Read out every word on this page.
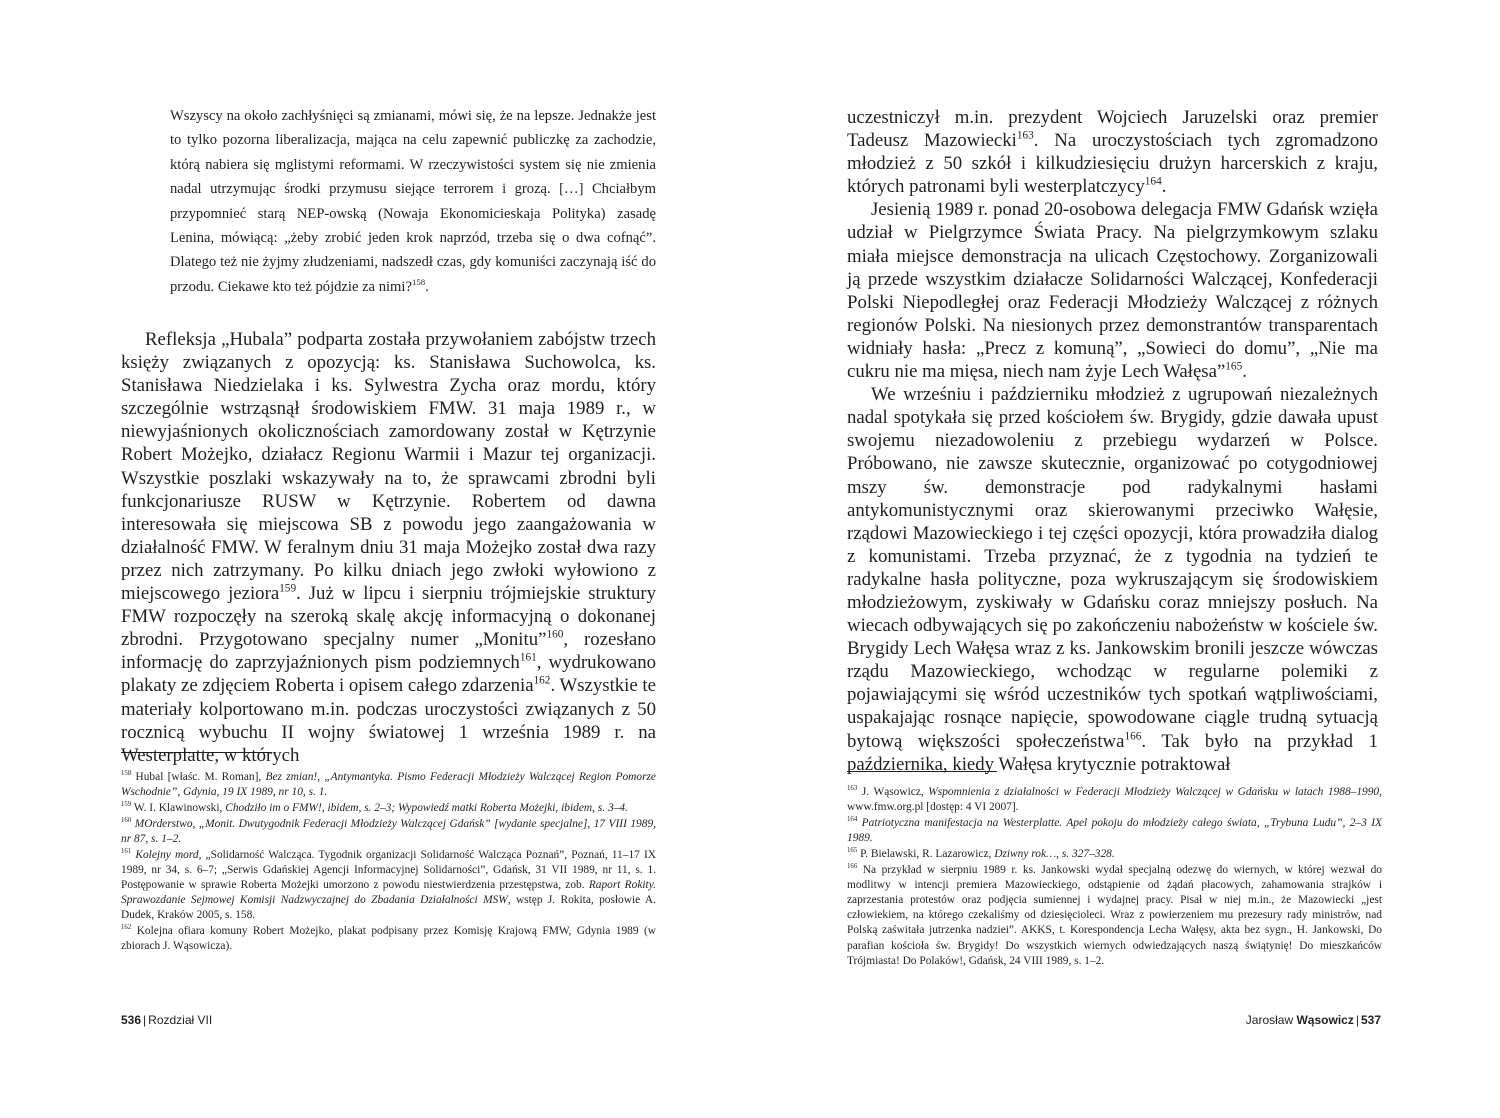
Wszyscy na około zachłyśnięci są zmianami, mówi się, że na lepsze. Jednakże jest to tylko pozorna liberalizacja, mająca na celu zapewnić publiczkę za zachodzie, którą nabiera się mglistymi reformami. W rzeczywistości system się nie zmienia nadal utrzymując środki przymusu siejące terrorem i grozą. […] Chciałbym przypomnieć starą NEP-owską (Nowaja Ekonomicieskaja Polityka) zasadę Lenina, mówiącą: „żeby zrobić jeden krok naprzód, trzeba się o dwa cofnąć”. Dlatego też nie żyjmy złudzeniami, nadszedł czas, gdy komuniści zaczynają iść do przodu. Ciekawe kto też pójdzie za nimi?$^{158}$.

Refleksja „Hubala” podparta została przywołaniem zabójstw trzech księży związanych z opozycją: ks. Stanisława Suchowolca, ks. Stanisława Niedzielaka i ks. Sylwestra Zycha oraz mordu, który szczególnie wstrząsnął środowiskiem FMW. 31 maja 1989 r., w niewyjaśnionych okolicznościach zamordowany został w Kętrzynie Robert Możejko, działacz Regionu Warmii i Mazur tej organizacji. Wszystkie poszlaki wskazywały na to, że sprawcami zbrodni byli funkcjonariusze RUSW w Kętrzynie. Robertem od dawna interesowała się miejscowa SB z powodu jego zaangażowania w działalność FMW. W feralnym dniu 31 maja Możejko został dwa razy przez nich zatrzymany. Po kilku dniach jego zwłoki wyłowiono z miejscowego jeziora$^{159}$. Już w lipcu i sierpniu trójmiejskie struktury FMW rozpoczęły na szeroką skalę akcję informacyjną o dokonanej zbrodni. Przygotowano specjalny numer „Monitu”$^{160}$, rozesłano informację do zaprzyjaźnionych pism podziemnych$^{161}$, wydrukowano plakaty ze zdjęciem Roberta i opisem całego zdarzenia$^{162}$. Wszystkie te materiały kolportowano m.in. podczas uroczystości związanych z 50 rocznicą wybuchu II wojny światowej 1 września 1989 r. na Westerplatte, w których

$^{158}$ Hubal [właśc. M. Roman], Bez zmian!, „Antymantyka. Pismo Federacji Młodzieży Walczącej Region Pomorze Wschodnie”, Gdynia, 19 IX 1989, nr 10, s. 1.

$^{159}$ W. I. Klawinowski, Chodziło im o FMW!, ibidem, s. 2–3; Wypowiedź matki Roberta Możejki, ibidem, s. 3–4.

$^{160}$ MOrderstwo, „Monit. Dwutygodnik Federacji Młodzieży Walczącej Gdańsk” [wydanie specjalne], 17 VIII 1989, nr 87, s. 1–2.

$^{161}$ Kolejny mord, „Solidarność Walcząca. Tygodnik organizacji Solidarność Walcząca Poznań”, Poznań, 11–17 IX 1989, nr 34, s. 6–7; „Serwis Gdańskiej Agencji Informacyjnej Solidarności”, Gdańsk, 31 VII 1989, nr 11, s. 1. Postępowanie w sprawie Roberta Możejki umorzono z powodu niestwierdzenia przestępstwa, zob. Raport Rokity. Sprawozdanie Sejmowej Komisji Nadzwyczajnej do Zbadania Działalności MSW, wstęp J. Rokita, posłowie A. Dudek, Kraków 2005, s. 158.

$^{162}$ Kolejna ofiara komuny Robert Możejko, plakat podpisany przez Komisję Krajową FMW, Gdynia 1989 (w zbiorach J. Wąsowicza).

536 | Rozdział VII

uczestniczył m.in. prezydent Wojciech Jaruzelski oraz premier Tadeusz Mazowiecki$^{163}$. Na uroczystościach tych zgromadzono młodzież z 50 szkół i kilkudziesięciu drużyn harcerskich z kraju, których patronami byli westerplatczycy$^{164}$.

Jesienią 1989 r. ponad 20-osobowa delegacja FMW Gdańsk wzięła udział w Pielgrzymce Świata Pracy. Na pielgrzymkowym szlaku miała miejsce demonstracja na ulicach Częstochowy. Zorganizowali ją przede wszystkim działacze Solidarności Walczącej, Konfederacji Polski Niepodległej oraz Federacji Młodzieży Walczącej z różnych regionów Polski. Na niesionych przez demonstrantów transparentach widniały hasła: „Precz z komuną”, „Sowieci do domu”, „Nie ma cukru nie ma mięsa, niech nam żyje Lech Wałęsa”$^{165}$.

We wrześniu i październiku młodzież z ugrupowań niezależnych nadal spotykała się przed kościołem św. Brygidy, gdzie dawała upust swojemu niezadowoleniu z przebiegu wydarzeń w Polsce. Próbowano, nie zawsze skutecznie, organizować po cotygodniowej mszy św. demonstracje pod radykalnymi hasłami antykomunistycznymi oraz skierowanymi przeciwko Wałęsie, rządowi Mazowieckiego i tej części opozycji, która prowadziła dialog z komunistami. Trzeba przyznać, że z tygodnia na tydzień te radykalne hasła polityczne, poza wykruszającym się środowiskiem młodzieżowym, zyskiwały w Gdańsku coraz mniejszy posłuch. Na wiecach odbywających się po zakończeniu nabożeństw w kościele św. Brygidy Lech Wałęsa wraz z ks. Jankowskim bronili jeszcze wówczas rządu Mazowieckiego, wchodząc w regularne polemiki z pojawiającymi się wśród uczestników tych spotkań wątpliwościami, uspakajając rosnące napięcie, spowodowane ciągle trudną sytuacją bytową większości społeczeństwa$^{166}$. Tak było na przykład 1 października, kiedy Wałęsa krytycznie potraktował

$^{163}$ J. Wąsowicz, Wspomnienia z działalności w Federacji Młodzieży Walczącej w Gdańsku w latach 1988–1990, www.fmw.org.pl [dostęp: 4 VI 2007].

$^{164}$ Patriotyczna manifestacja na Westerplatte. Apel pokoju do młodzieży całego świata, „Trybuna Ludu”, 2–3 IX 1989.

$^{165}$ P. Bielawski, R. Lazarowicz, Dziwny rok…, s. 327–328.

$^{166}$ Na przykład w sierpniu 1989 r. ks. Jankowski wydał specjalną odezwę do wiernych, w której wezwał do modlitwy w intencji premiera Mazowieckiego, odstąpienie od żądań płacowych, zahamowania strajków i zaprzestania protestów oraz podjęcia sumiennej i wydajnej pracy. Pisał w niej m.in., że Mazowiecki „jest człowiekiem, na którego czekaliśmy od dziesięcioleci. Wraz z powierzeniem mu prezesury rady ministrów, nad Polską zaświtała jutrzenka nadziei”. AKKS, t. Korespondencja Lecha Wałęsy, akta bez sygn., H. Jankowski, Do parafian kościoła św. Brygidy! Do wszystkich wiernych odwiedzających naszą świątynię! Do mieszkańców Trójmiasta! Do Polaków!, Gdańsk, 24 VIII 1989, s. 1–2.

Jarosław Wąsowicz | 537
